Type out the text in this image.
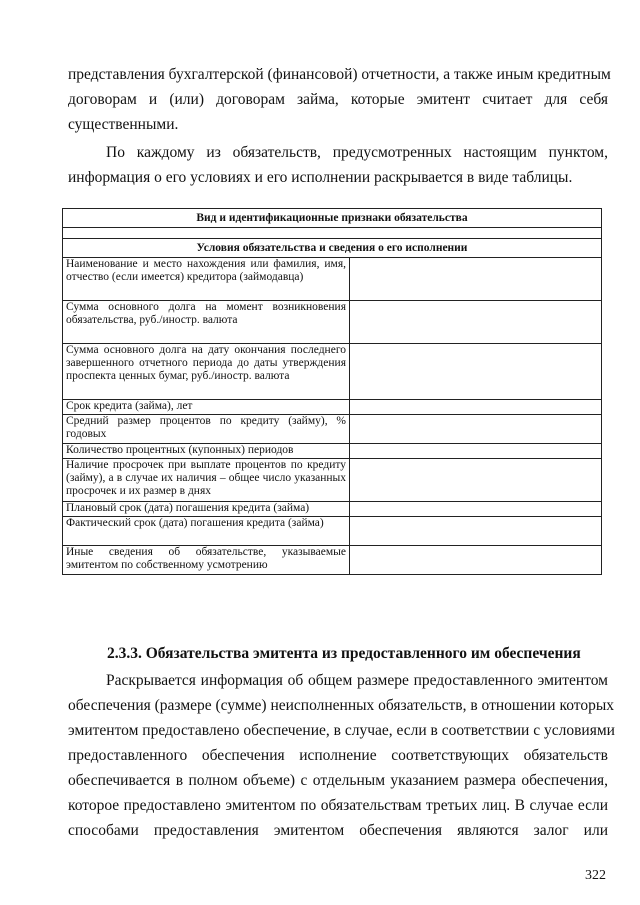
представления бухгалтерской (финансовой) отчетности, а также иным кредитным
договорам и (или) договорам займа, которые эмитент считает для себя
существенными.
По каждому из обязательств, предусмотренных настоящим пунктом,
информация о его условиях и его исполнении раскрывается в виде таблицы.
Вид и идентификационные признаки обязательства	

Условия обязательства и сведения о его исполнении	
Наименование и место нахождения или фамилия, имя, отчество (если имеется) кредитора (займодавца)	
Сумма основного долга на момент возникновения обязательства, руб./иностр. валюта	
Сумма основного долга на дату окончания последнего завершенного отчетного периода до даты утверждения проспекта ценных бумаг, руб./иностр. валюта	
Срок кредита (займа), лет	
Средний размер процентов по кредиту (займу), % годовых	
Количество процентных (купонных) периодов	
Наличие просрочек при выплате процентов по кредиту (займу), а в случае их наличия – общее число указанных просрочек и их размер в днях	
Плановый срок (дата) погашения кредита (займа)	
Фактический срок (дата) погашения кредита (займа)	
Иные сведения об обязательстве, указываемые эмитентом по собственному усмотрению	
2.3.3. Обязательства эмитента из предоставленного им обеспечения
Раскрывается информация об общем размере предоставленного эмитентом
обеспечения (размере (сумме) неисполненных обязательств, в отношении которых
эмитентом предоставлено обеспечение, в случае, если в соответствии с условиями
предоставленного обеспечения исполнение соответствующих обязательств
обеспечивается в полном объеме) с отдельным указанием размера обеспечения,
которое предоставлено эмитентом по обязательствам третьих лиц. В случае если
способами предоставления эмитентом обеспечения являются залог или
322
